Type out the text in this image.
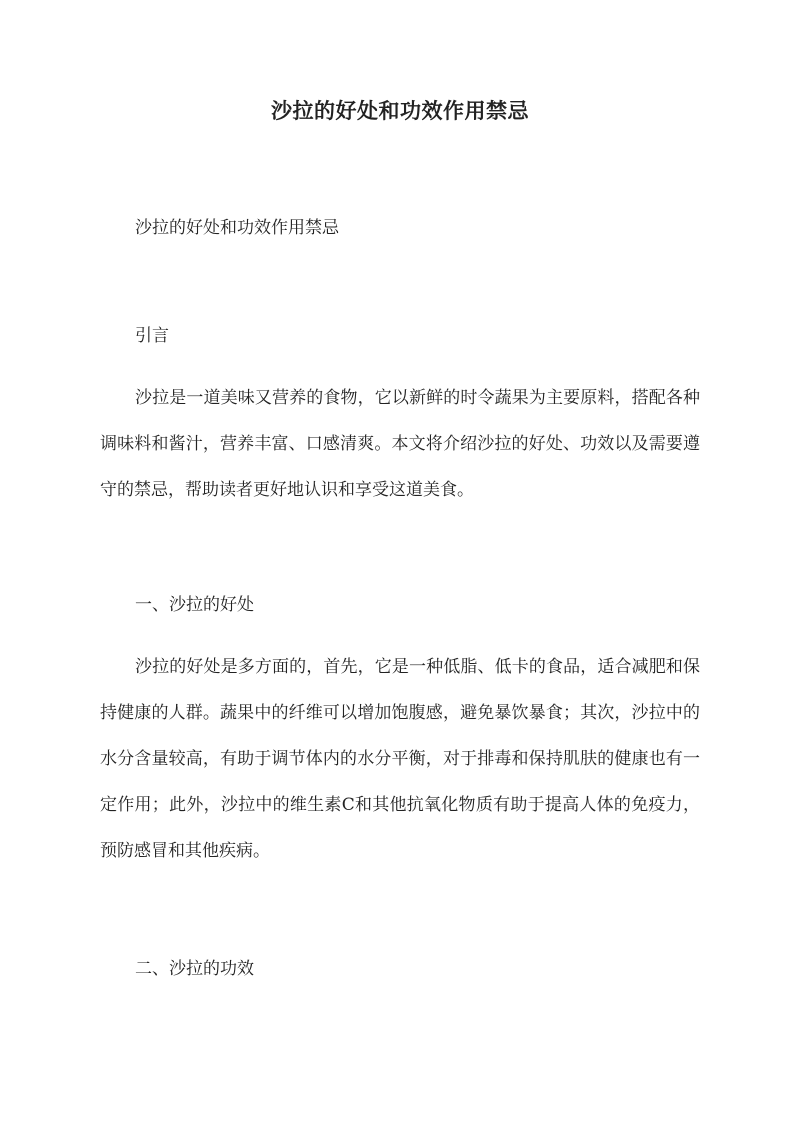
沙拉的好处和功效作用禁忌

沙拉的好处和功效作用禁忌

引言

沙拉是一道美味又营养的食物，它以新鲜的时令蔬果为主要原料，搭配各种调味料和酱汁，营养丰富、口感清爽。本文将介绍沙拉的好处、功效以及需要遵守的禁忌，帮助读者更好地认识和享受这道美食。

一、沙拉的好处

沙拉的好处是多方面的，首先，它是一种低脂、低卡的食品，适合减肥和保持健康的人群。蔬果中的纤维可以增加饱腹感，避免暴饮暴食；其次，沙拉中的水分含量较高，有助于调节体内的水分平衡，对于排毒和保持肌肤的健康也有一定作用；此外，沙拉中的维生素C和其他抗氧化物质有助于提高人体的免疫力，预防感冒和其他疾病。

二、沙拉的功效
